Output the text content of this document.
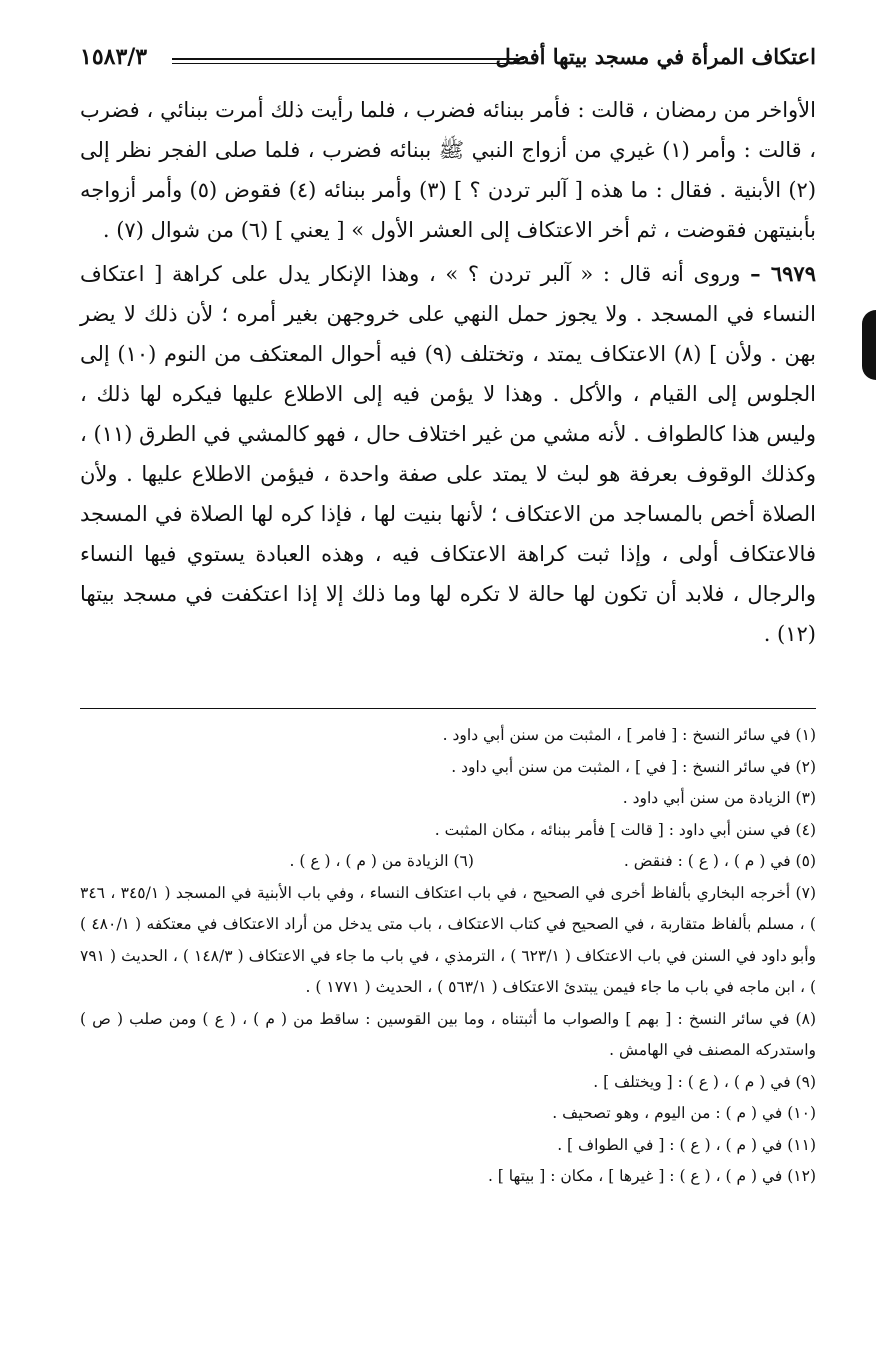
اعتكاف المرأة في مسجد بيتها أفضل
١٥٨٣/٣

الأواخر من رمضان ، قالت : فأمر ببنائه فضرب ، فلما رأيت ذلك أمرت ببنائي ، فضرب ، قالت : وأمر (١) غيري من أزواج النبي ﷺ ببنائه فضرب ، فلما صلى الفجر نظر إلى (٢) الأبنية . فقال : ما هذه [ آلبر تردن ؟ ] (٣) وأمر ببنائه (٤) فقوض (٥) وأمر أزواجه بأبنيتهن فقوضت ، ثم أخر الاعتكاف إلى العشر الأول » [ يعني ] (٦) من شوال (٧) .

٦٩٧٩ – وروى أنه قال : « آلبر تردن ؟ » ، وهذا الإنكار يدل على كراهة [ اعتكاف النساء في المسجد . ولا يجوز حمل النهي على خروجهن بغير أمره ؛ لأن ذلك لا يضر بهن . ولأن ] (٨) الاعتكاف يمتد ، وتختلف (٩) فيه أحوال المعتكف من النوم (١٠) إلى الجلوس إلى القيام ، والأكل . وهذا لا يؤمن فيه إلى الاطلاع عليها فيكره لها ذلك ، وليس هذا كالطواف . لأنه مشي من غير اختلاف حال ، فهو كالمشي في الطرق (١١) ، وكذلك الوقوف بعرفة هو لبث لا يمتد على صفة واحدة ، فيؤمن الاطلاع عليها . ولأن الصلاة أخص بالمساجد من الاعتكاف ؛ لأنها بنيت لها ، فإذا كره لها الصلاة في المسجد فالاعتكاف أولى ، وإذا ثبت كراهة الاعتكاف فيه ، وهذه العبادة يستوي فيها النساء والرجال ، فلابد أن تكون لها حالة لا تكره لها وما ذلك إلا إذا اعتكفت في مسجد بيتها (١٢) .

(١) في سائر النسخ : [ فامر ] ، المثبت من سنن أبي داود .

(٢) في سائر النسخ : [ في ] ، المثبت من سنن أبي داود .

(٣) الزيادة من سنن أبي داود .

(٤) في سنن أبي داود : [ قالت ] فأمر ببنائه ، مكان المثبت .

(٥) في ( م ) ، ( ع ) : فنقض .
(٦) الزيادة من ( م ) ، ( ع ) .

(٧) أخرجه البخاري بألفاظ أخرى في الصحيح ، في باب اعتكاف النساء ، وفي باب الأبنية في المسجد ( ٣٤٥/١ ، ٣٤٦ ) ، مسلم بألفاظ متقاربة ، في الصحيح في كتاب الاعتكاف ، باب متى يدخل من أراد الاعتكاف في معتكفه ( ٤٨٠/١ ) وأبو داود في السنن في باب الاعتكاف ( ٦٢٣/١ ) ، الترمذي ، في باب ما جاء في الاعتكاف ( ١٤٨/٣ ) ، الحديث ( ٧٩١ ) ، ابن ماجه في باب ما جاء فيمن يبتدئ الاعتكاف ( ٥٦٣/١ ) ، الحديث ( ١٧٧١ ) .

(٨) في سائر النسخ : [ بهم ] والصواب ما أثبتناه ، وما بين القوسين : ساقط من ( م ) ، ( ع ) ومن صلب ( ص ) واستدركه المصنف في الهامش .

(٩) في ( م ) ، ( ع ) : [ ويختلف ] .

(١٠) في ( م ) : من اليوم ، وهو تصحيف .

(١١) في ( م ) ، ( ع ) : [ في الطواف ] .

(١٢) في ( م ) ، ( ع ) : [ غيرها ] ، مكان : [ بيتها ] .
